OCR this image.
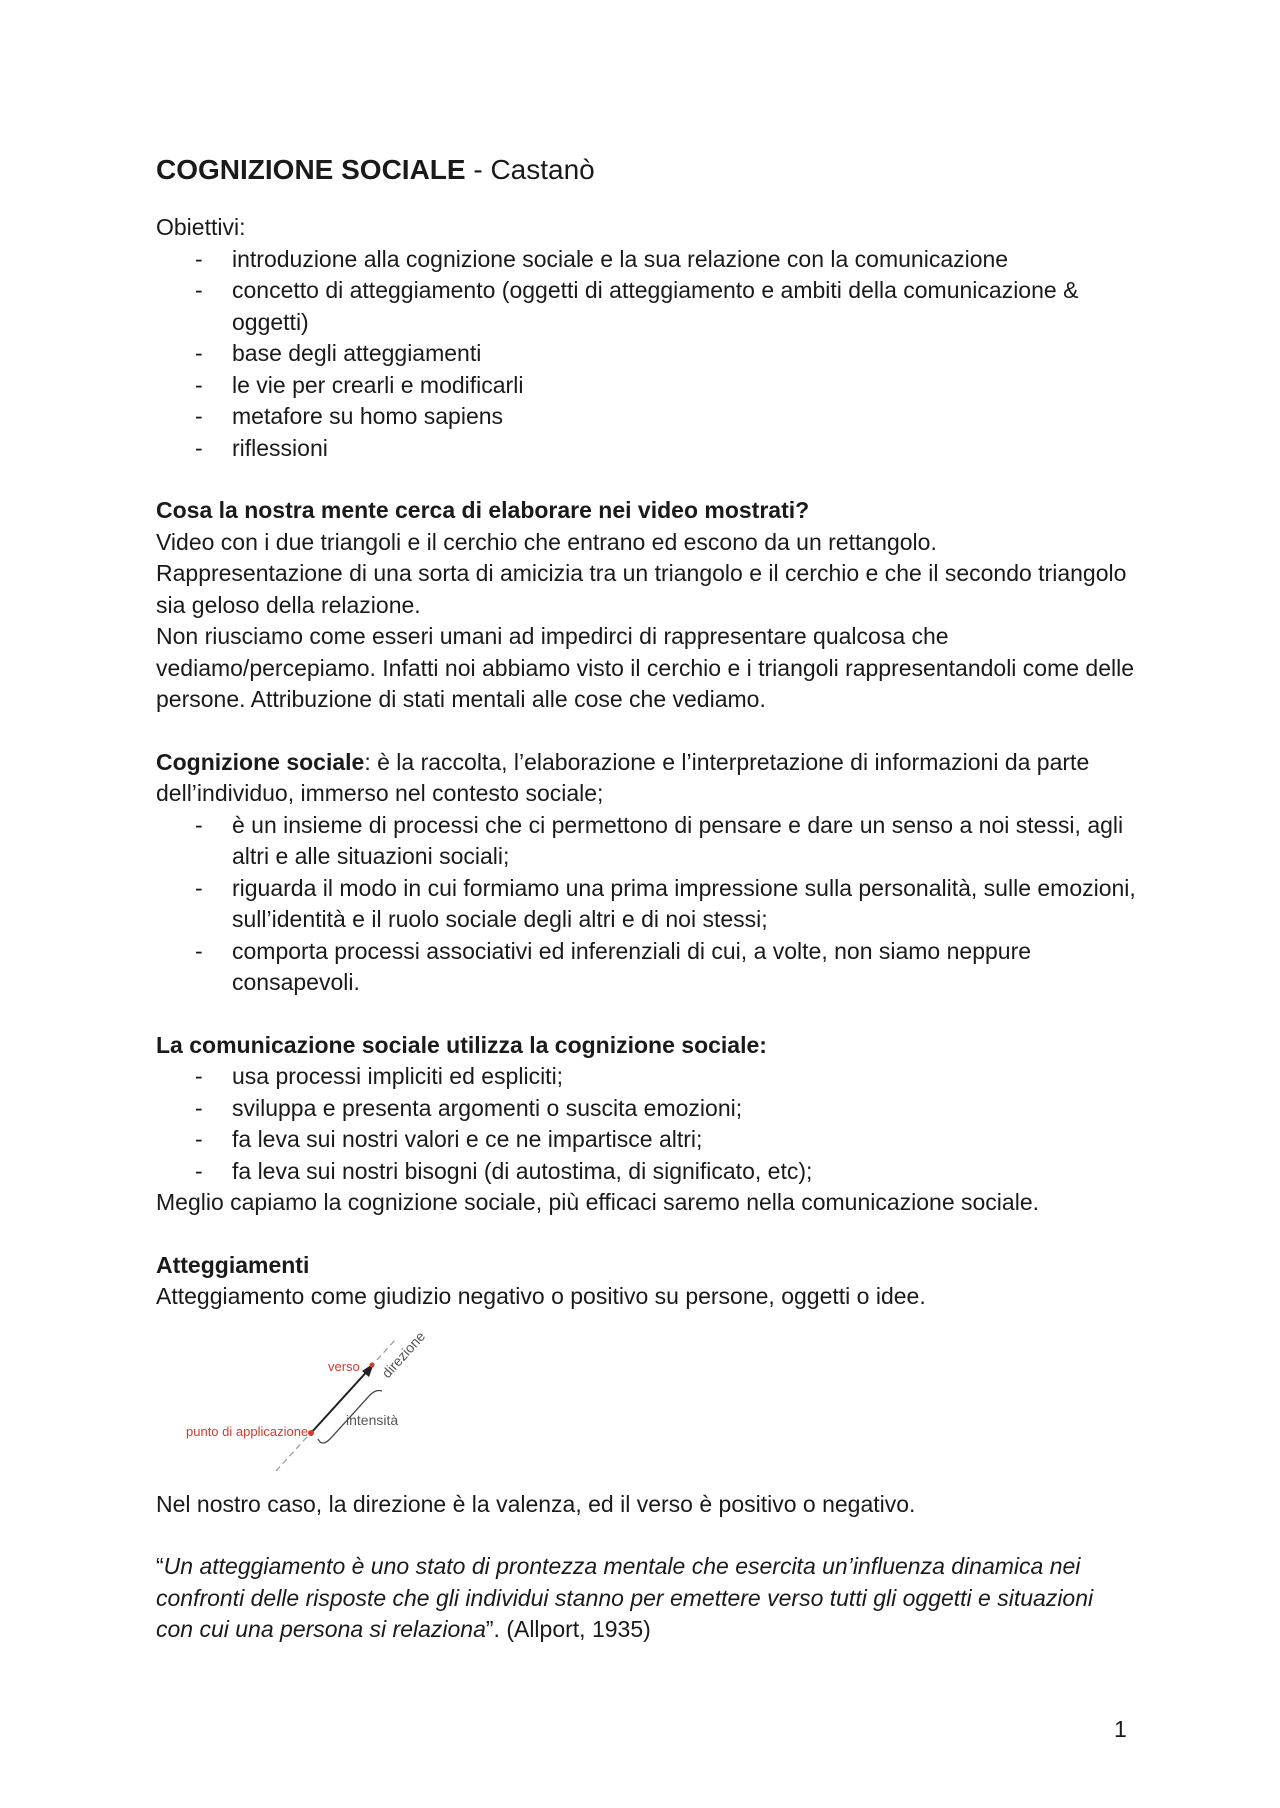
COGNIZIONE SOCIALE - Castanò

Obiettivi:

- introduzione alla cognizione sociale e la sua relazione con la comunicazione
- concetto di atteggiamento (oggetti di atteggiamento e ambiti della comunicazione & oggetti)
- base degli atteggiamenti
- le vie per crearli e modificarli
- metafore su homo sapiens
- riflessioni

Cosa la nostra mente cerca di elaborare nei video mostrati?

Video con i due triangoli e il cerchio che entrano ed escono da un rettangolo.

Rappresentazione di una sorta di amicizia tra un triangolo e il cerchio e che il secondo triangolo sia geloso della relazione.

Non riusciamo come esseri umani ad impedirci di rappresentare qualcosa che vediamo/percepiamo. Infatti noi abbiamo visto il cerchio e i triangoli rappresentandoli come delle persone. Attribuzione di stati mentali alle cose che vediamo.

Cognizione sociale: è la raccolta, l’elaborazione e l’interpretazione di informazioni da parte dell’individuo, immerso nel contesto sociale;

- è un insieme di processi che ci permettono di pensare e dare un senso a noi stessi, agli altri e alle situazioni sociali;
- riguarda il modo in cui formiamo una prima impressione sulla personalità, sulle emozioni, sull’identità e il ruolo sociale degli altri e di noi stessi;
- comporta processi associativi ed inferenziali di cui, a volte, non siamo neppure consapevoli.

La comunicazione sociale utilizza la cognizione sociale:

- usa processi impliciti ed espliciti;
- sviluppa e presenta argomenti o suscita emozioni;
- fa leva sui nostri valori e ce ne impartisce altri;
- fa leva sui nostri bisogni (di autostima, di significato, etc);

Meglio capiamo la cognizione sociale, più efficaci saremo nella comunicazione sociale.

Atteggiamenti

Atteggiamento come giudizio negativo o positivo su persone, oggetti o idee.

verso direzione
intensità
punto di applicazione

Nel nostro caso, la direzione è la valenza, ed il verso è positivo o negativo.

“Un atteggiamento è uno stato di prontezza mentale che esercita un’influenza dinamica nei confronti delle risposte che gli individui stanno per emettere verso tutti gli oggetti e situazioni con cui una persona si relaziona”. (Allport, 1935)

1
